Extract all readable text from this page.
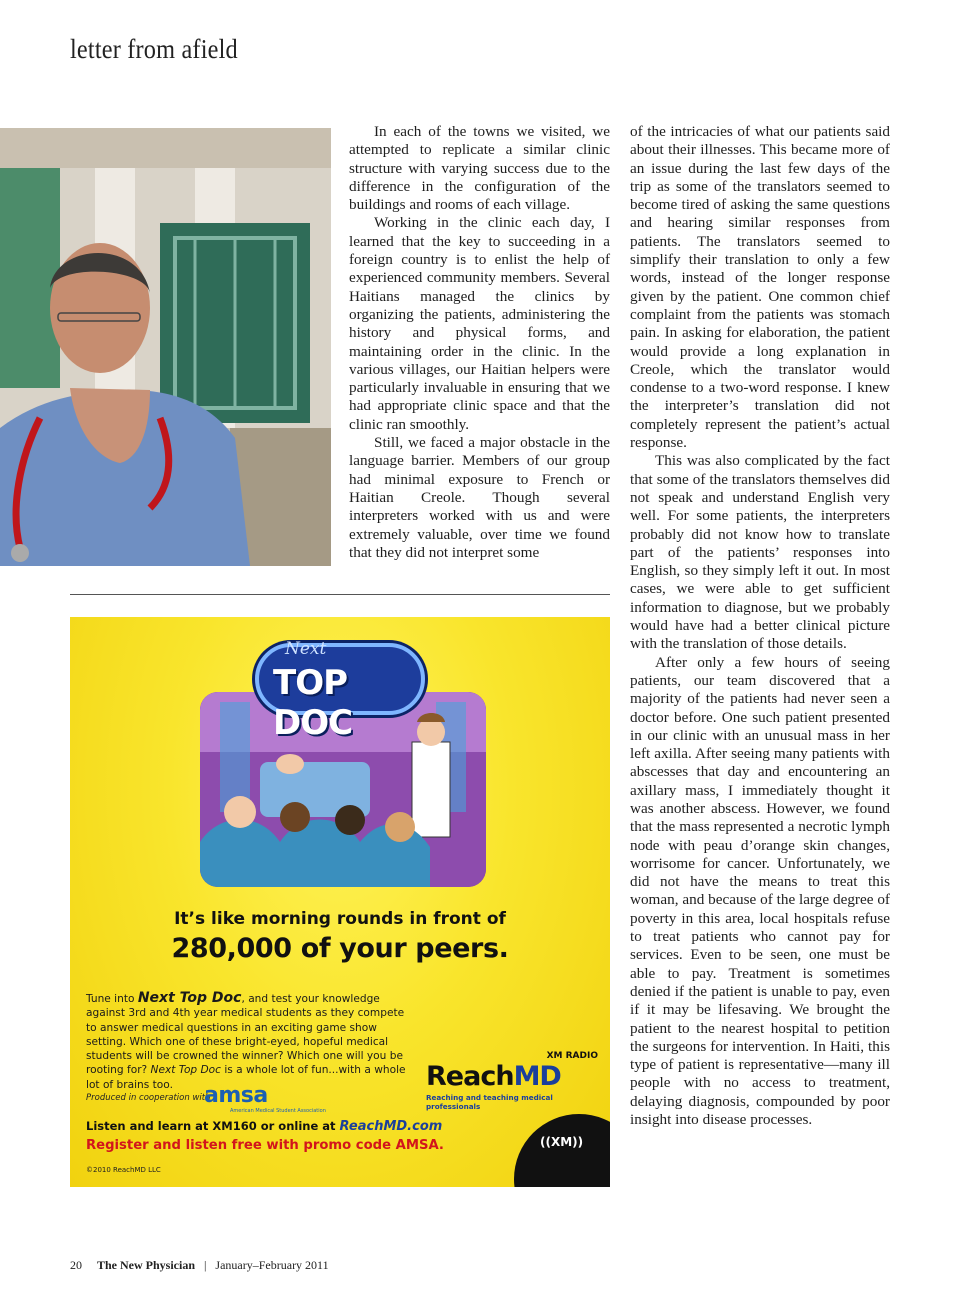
letter from afield

In each of the towns we visited, we attempted to replicate a similar clinic structure with varying success due to the difference in the configuration of the buildings and rooms of each village.

Working in the clinic each day, I learned that the key to succeeding in a foreign country is to enlist the help of experienced community members. Several Haitians managed the clinics by organizing the patients, administering the history and physical forms, and maintaining order in the clinic. In the various villages, our Haitian helpers were particularly invaluable in ensuring that we had appropriate clinic space and that the clinic ran smoothly.

Still, we faced a major obstacle in the language barrier. Members of our group had minimal exposure to French or Haitian Creole. Though several interpreters worked with us and were extremely valuable, over time we found that they did not interpret some

of the intricacies of what our patients said about their illnesses. This became more of an issue during the last few days of the trip as some of the translators seemed to become tired of asking the same questions and hearing similar responses from patients. The translators seemed to simplify their translation to only a few words, instead of the longer response given by the patient. One common chief complaint from the patients was stomach pain. In asking for elaboration, the patient would provide a long explanation in Creole, which the translator would condense to a two-word response. I knew the interpreter’s translation did not completely represent the patient’s actual response.

This was also complicated by the fact that some of the translators themselves did not speak and understand English very well. For some patients, the interpreters probably did not know how to translate part of the patients’ responses into English, so they simply left it out. In most cases, we were able to get sufficient information to diagnose, but we probably would have had a better clinical picture with the translation of those details.

After only a few hours of seeing patients, our team discovered that a majority of the patients had never seen a doctor before. One such patient presented in our clinic with an unusual mass in her left axilla. After seeing many patients with abscesses that day and encountering an axillary mass, I immediately thought it was another abscess. However, we found that the mass represented a necrotic lymph node with peau d’orange skin changes, worrisome for cancer. Unfortunately, we did not have the means to treat this woman, and because of the large degree of poverty in this area, local hospitals refuse to treat patients who cannot pay for services. Even to be seen, one must be able to pay. Treatment is sometimes denied if the patient is unable to pay, even if it may be lifesaving. We brought the patient to the nearest hospital to petition the surgeons for intervention. In Haiti, this type of patient is representative—many ill people with no access to treatment, delaying diagnosis, compounded by poor insight into disease processes.

Next
TOP DOC
It’s like morning rounds in front of
280,000 of your peers.
Tune into Next Top Doc, and test your knowledge against 3rd and 4th year medical students as they compete to answer medical questions in an exciting game show setting. Which one of these bright-eyed, hopeful medical students will be crowned the winner? Which one will you be rooting for? Next Top Doc is a whole lot of fun...with a whole lot of brains too.
Produced in cooperation with
amsa
American Medical Student Association
Listen and learn at XM160 or online at ReachMD.com
Register and listen free with promo code AMSA.
©2010 ReachMD LLC
XM RADIO
ReachMD
Reaching and teaching medical professionals
((XM))
20 The New Physician | January–February 2011
